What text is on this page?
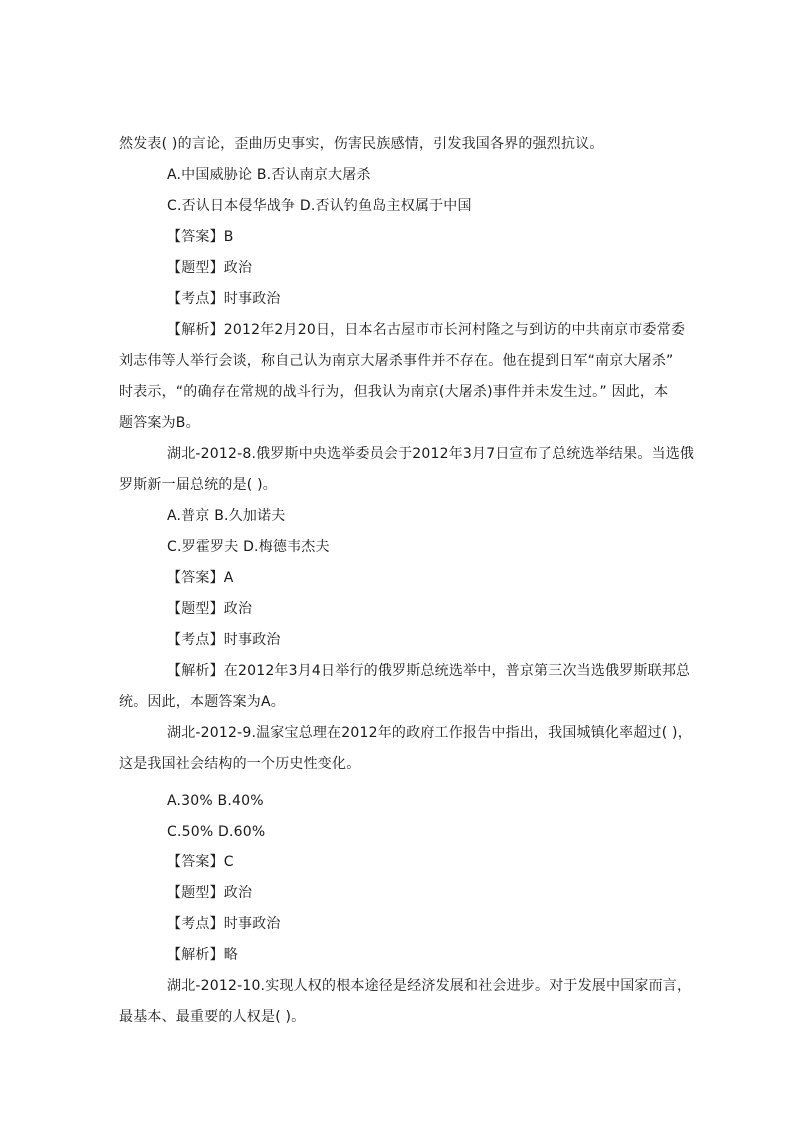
然发表( )的言论，歪曲历史事实，伤害民族感情，引发我国各界的强烈抗议。
A.中国威胁论 B.否认南京大屠杀
C.否认日本侵华战争 D.否认钓鱼岛主权属于中国
【答案】B
【题型】政治
【考点】时事政治
【解析】2012年2月20日，日本名古屋市市长河村隆之与到访的中共南京市委常委
刘志伟等人举行会谈，称自己认为南京大屠杀事件并不存在。他在提到日军“南京大屠杀”
时表示，“的确存在常规的战斗行为，但我认为南京(大屠杀)事件并未发生过。” 因此，本
题答案为B。
湖北-2012-8.俄罗斯中央选举委员会于2012年3月7日宣布了总统选举结果。当选俄
罗斯新一届总统的是( )。
A.普京 B.久加诺夫
C.罗霍罗夫 D.梅德韦杰夫
【答案】A
【题型】政治
【考点】时事政治
【解析】在2012年3月4日举行的俄罗斯总统选举中，普京第三次当选俄罗斯联邦总
统。因此，本题答案为A。
湖北-2012-9.温家宝总理在2012年的政府工作报告中指出，我国城镇化率超过( )，
这是我国社会结构的一个历史性变化。
A.30% B.40%
C.50% D.60%
【答案】C
【题型】政治
【考点】时事政治
【解析】略
湖北-2012-10.实现人权的根本途径是经济发展和社会进步。对于发展中国家而言，
最基本、最重要的人权是( )。
